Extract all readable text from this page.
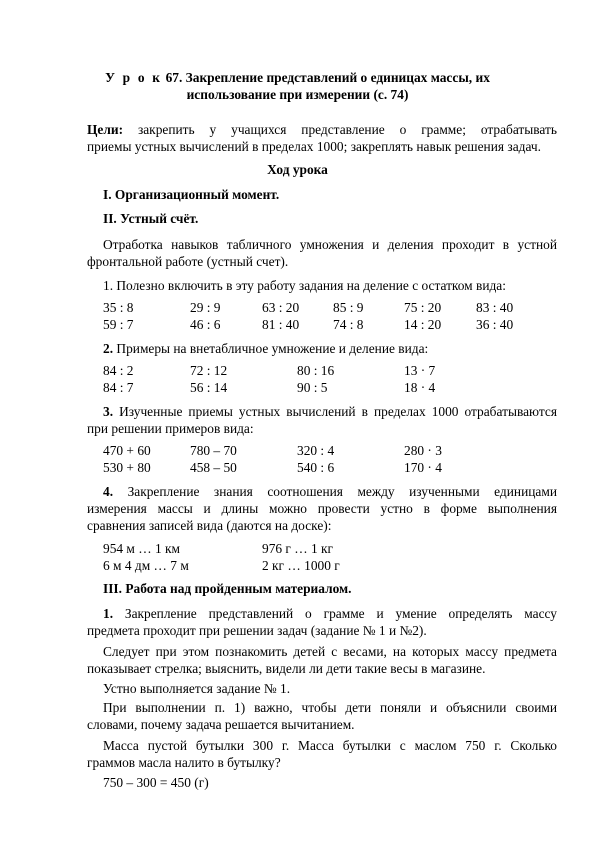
У р о к 67. Закрепление представлений о единицах массы, их
использование при измерении (с. 74)
Цели: закрепить у учащихся представление о грамме; отрабатывать
приемы устных вычислений в пределах 1000; закреплять навык решения задач.
Ход урока
I. Организационный момент.
II. Устный счёт.
Отработка навыков табличного умножения и деления проходит в устной
фронтальной работе (устный счет).
1. Полезно включить в эту работу задания на деление с остатком вида:
35 : 8	29 : 9	63 : 20	85 : 9	75 : 20	83 : 40
59 : 7	46 : 6	81 : 40	74 : 8	14 : 20	36 : 40
2. Примеры на внетабличное умножение и деление вида:
84 : 2	72 : 12	80 : 16	13 · 7
84 : 7	56 : 14	90 : 5	18 · 4
3. Изученные приемы устных вычислений в пределах 1000 отрабатываются
при решении примеров вида:
470 + 60	780 – 70	320 : 4	280 · 3
530 + 80	458 – 50	540 : 6	170 · 4
4. Закрепление знания соотношения между изученными единицами
измерения массы и длины можно провести устно в форме выполнения
сравнения записей вида (даются на доске):
954 м … 1 км	976 г … 1 кг
6 м 4 дм … 7 м	2 кг … 1000 г
III. Работа над пройденным материалом.
1. Закрепление представлений о грамме и умение определять массу
предмета проходит при решении задач (задание № 1 и №2).
Следует при этом познакомить детей с весами, на которых массу предмета
показывает стрелка; выяснить, видели ли дети такие весы в магазине.
Устно выполняется задание № 1.
При выполнении п. 1) важно, чтобы дети поняли и объяснили своими
словами, почему задача решается вычитанием.
Масса пустой бутылки 300 г. Масса бутылки с маслом 750 г. Сколько
граммов масла налито в бутылку?
750 – 300 = 450 (г)
